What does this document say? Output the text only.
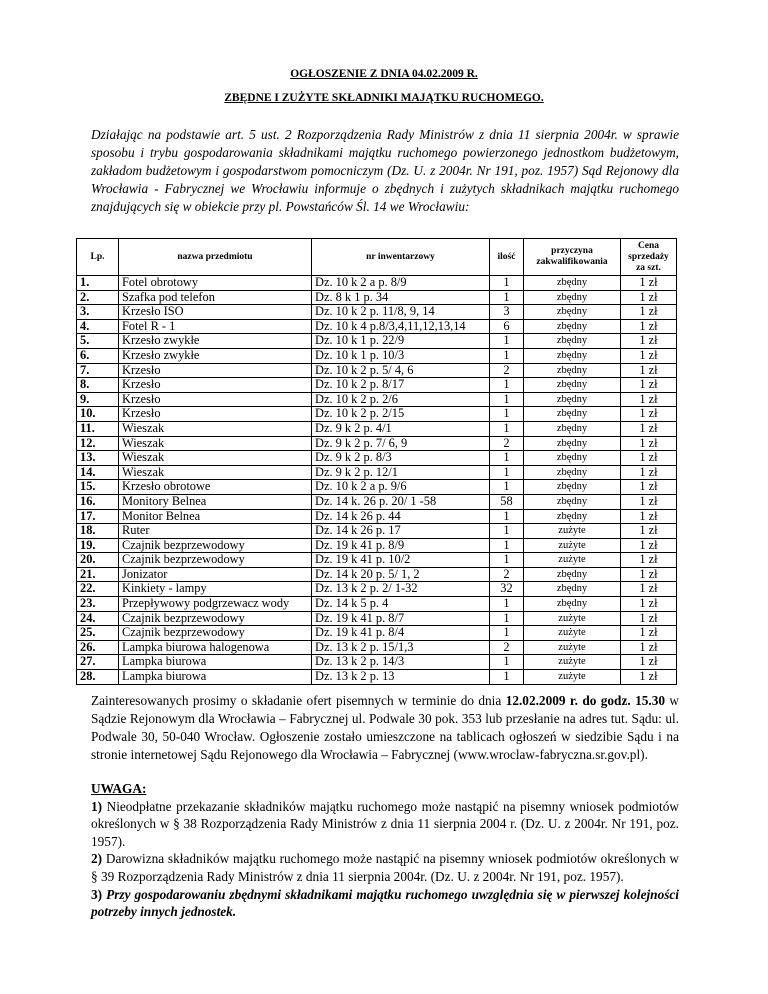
OGŁOSZENIE Z DNIA 04.02.2009 R.
ZBĘDNE I ZUŻYTE SKŁADNIKI MAJĄTKU RUCHOMEGO.

Działając na podstawie art. 5 ust. 2 Rozporządzenia Rady Ministrów z dnia 11 sierpnia 2004r. w sprawie sposobu i trybu gospodarowania składnikami majątku ruchomego powierzonego jednostkom budżetowym, zakładom budżetowym i gospodarstwom pomocniczym (Dz. U. z 2004r. Nr 191, poz. 1957) Sąd Rejonowy dla Wrocławia - Fabrycznej we Wrocławiu informuje o zbędnych i zużytych składnikach majątku ruchomego znajdujących się w obiekcie przy pl. Powstańców Śl. 14 we Wrocławiu:

Lp.	nazwa przedmiotu	nr inwentarzowy	ilość	przyczyna zakwalifikowania	Cena sprzedaży za szt.
1.	Fotel obrotowy	Dz. 10 k 2 a p. 8/9	1	zbędny	1 zł
2.	Szafka pod telefon	Dz. 8 k 1 p. 34	1	zbędny	1 zł
3.	Krzesło ISO	Dz. 10 k 2 p. 11/8, 9, 14	3	zbędny	1 zł
4.	Fotel R - 1	Dz. 10 k 4 p.8/3,4,11,12,13,14	6	zbędny	1 zł
5.	Krzesło zwykłe	Dz. 10 k 1 p. 22/9	1	zbędny	1 zł
6.	Krzesło zwykłe	Dz. 10 k 1 p. 10/3	1	zbędny	1 zł
7.	Krzesło	Dz. 10 k 2 p. 5/ 4, 6	2	zbędny	1 zł
8.	Krzesło	Dz. 10 k 2 p. 8/17	1	zbędny	1 zł
9.	Krzesło	Dz. 10 k 2 p. 2/6	1	zbędny	1 zł
10.	Krzesło	Dz. 10 k 2 p. 2/15	1	zbędny	1 zł
11.	Wieszak	Dz. 9 k 2 p. 4/1	1	zbędny	1 zł
12.	Wieszak	Dz. 9 k 2 p. 7/ 6, 9	2	zbędny	1 zł
13.	Wieszak	Dz. 9 k 2 p. 8/3	1	zbędny	1 zł
14.	Wieszak	Dz. 9 k 2 p. 12/1	1	zbędny	1 zł
15.	Krzesło obrotowe	Dz. 10 k 2 a p. 9/6	1	zbędny	1 zł
16.	Monitory Belnea	Dz. 14 k. 26 p. 20/ 1 -58	58	zbędny	1 zł
17.	Monitor Belnea	Dz. 14 k 26 p. 44	1	zbędny	1 zł
18.	Ruter	Dz. 14 k 26 p. 17	1	zużyte	1 zł
19.	Czajnik bezprzewodowy	Dz. 19 k 41 p. 8/9	1	zużyte	1 zł
20.	Czajnik bezprzewodowy	Dz. 19 k 41 p. 10/2	1	zużyte	1 zł
21.	Jonizator	Dz. 14 k 20 p. 5/ 1, 2	2	zbędny	1 zł
22.	Kinkiety - lampy	Dz. 13 k 2 p. 2/ 1-32	32	zbędny	1 zł
23.	Przepływowy podgrzewacz wody	Dz. 14 k 5 p. 4	1	zbędny	1 zł
24.	Czajnik bezprzewodowy	Dz. 19 k 41 p. 8/7	1	zużyte	1 zł
25.	Czajnik bezprzewodowy	Dz. 19 k 41 p. 8/4	1	zużyte	1 zł
26.	Lampka biurowa halogenowa	Dz. 13 k 2 p. 15/1,3	2	zużyte	1 zł
27.	Lampka biurowa	Dz. 13 k 2 p. 14/3	1	zużyte	1 zł
28.	Lampka biurowa	Dz. 13 k 2 p. 13	1	zużyte	1 zł

Zainteresowanych prosimy o składanie ofert pisemnych w terminie do dnia 12.02.2009 r. do godz. 15.30 w Sądzie Rejonowym dla Wrocławia – Fabrycznej ul. Podwale 30 pok. 353 lub przesłanie na adres tut. Sądu: ul. Podwale 30, 50-040 Wrocław. Ogłoszenie zostało umieszczone na tablicach ogłoszeń w siedzibie Sądu i na stronie internetowej Sądu Rejonowego dla Wrocławia – Fabrycznej (www.wroclaw-fabryczna.sr.gov.pl).

UWAGA:

1) Nieodpłatne przekazanie składników majątku ruchomego może nastąpić na pisemny wniosek podmiotów określonych w § 38 Rozporządzenia Rady Ministrów z dnia 11 sierpnia 2004 r. (Dz. U. z 2004r. Nr 191, poz. 1957).

2) Darowizna składników majątku ruchomego może nastąpić na pisemny wniosek podmiotów określonych w § 39 Rozporządzenia Rady Ministrów z dnia 11 sierpnia 2004r. (Dz. U. z 2004r. Nr 191, poz. 1957).

3) Przy gospodarowaniu zbędnymi składnikami majątku ruchomego uwzględnia się w pierwszej kolejności potrzeby innych jednostek.
